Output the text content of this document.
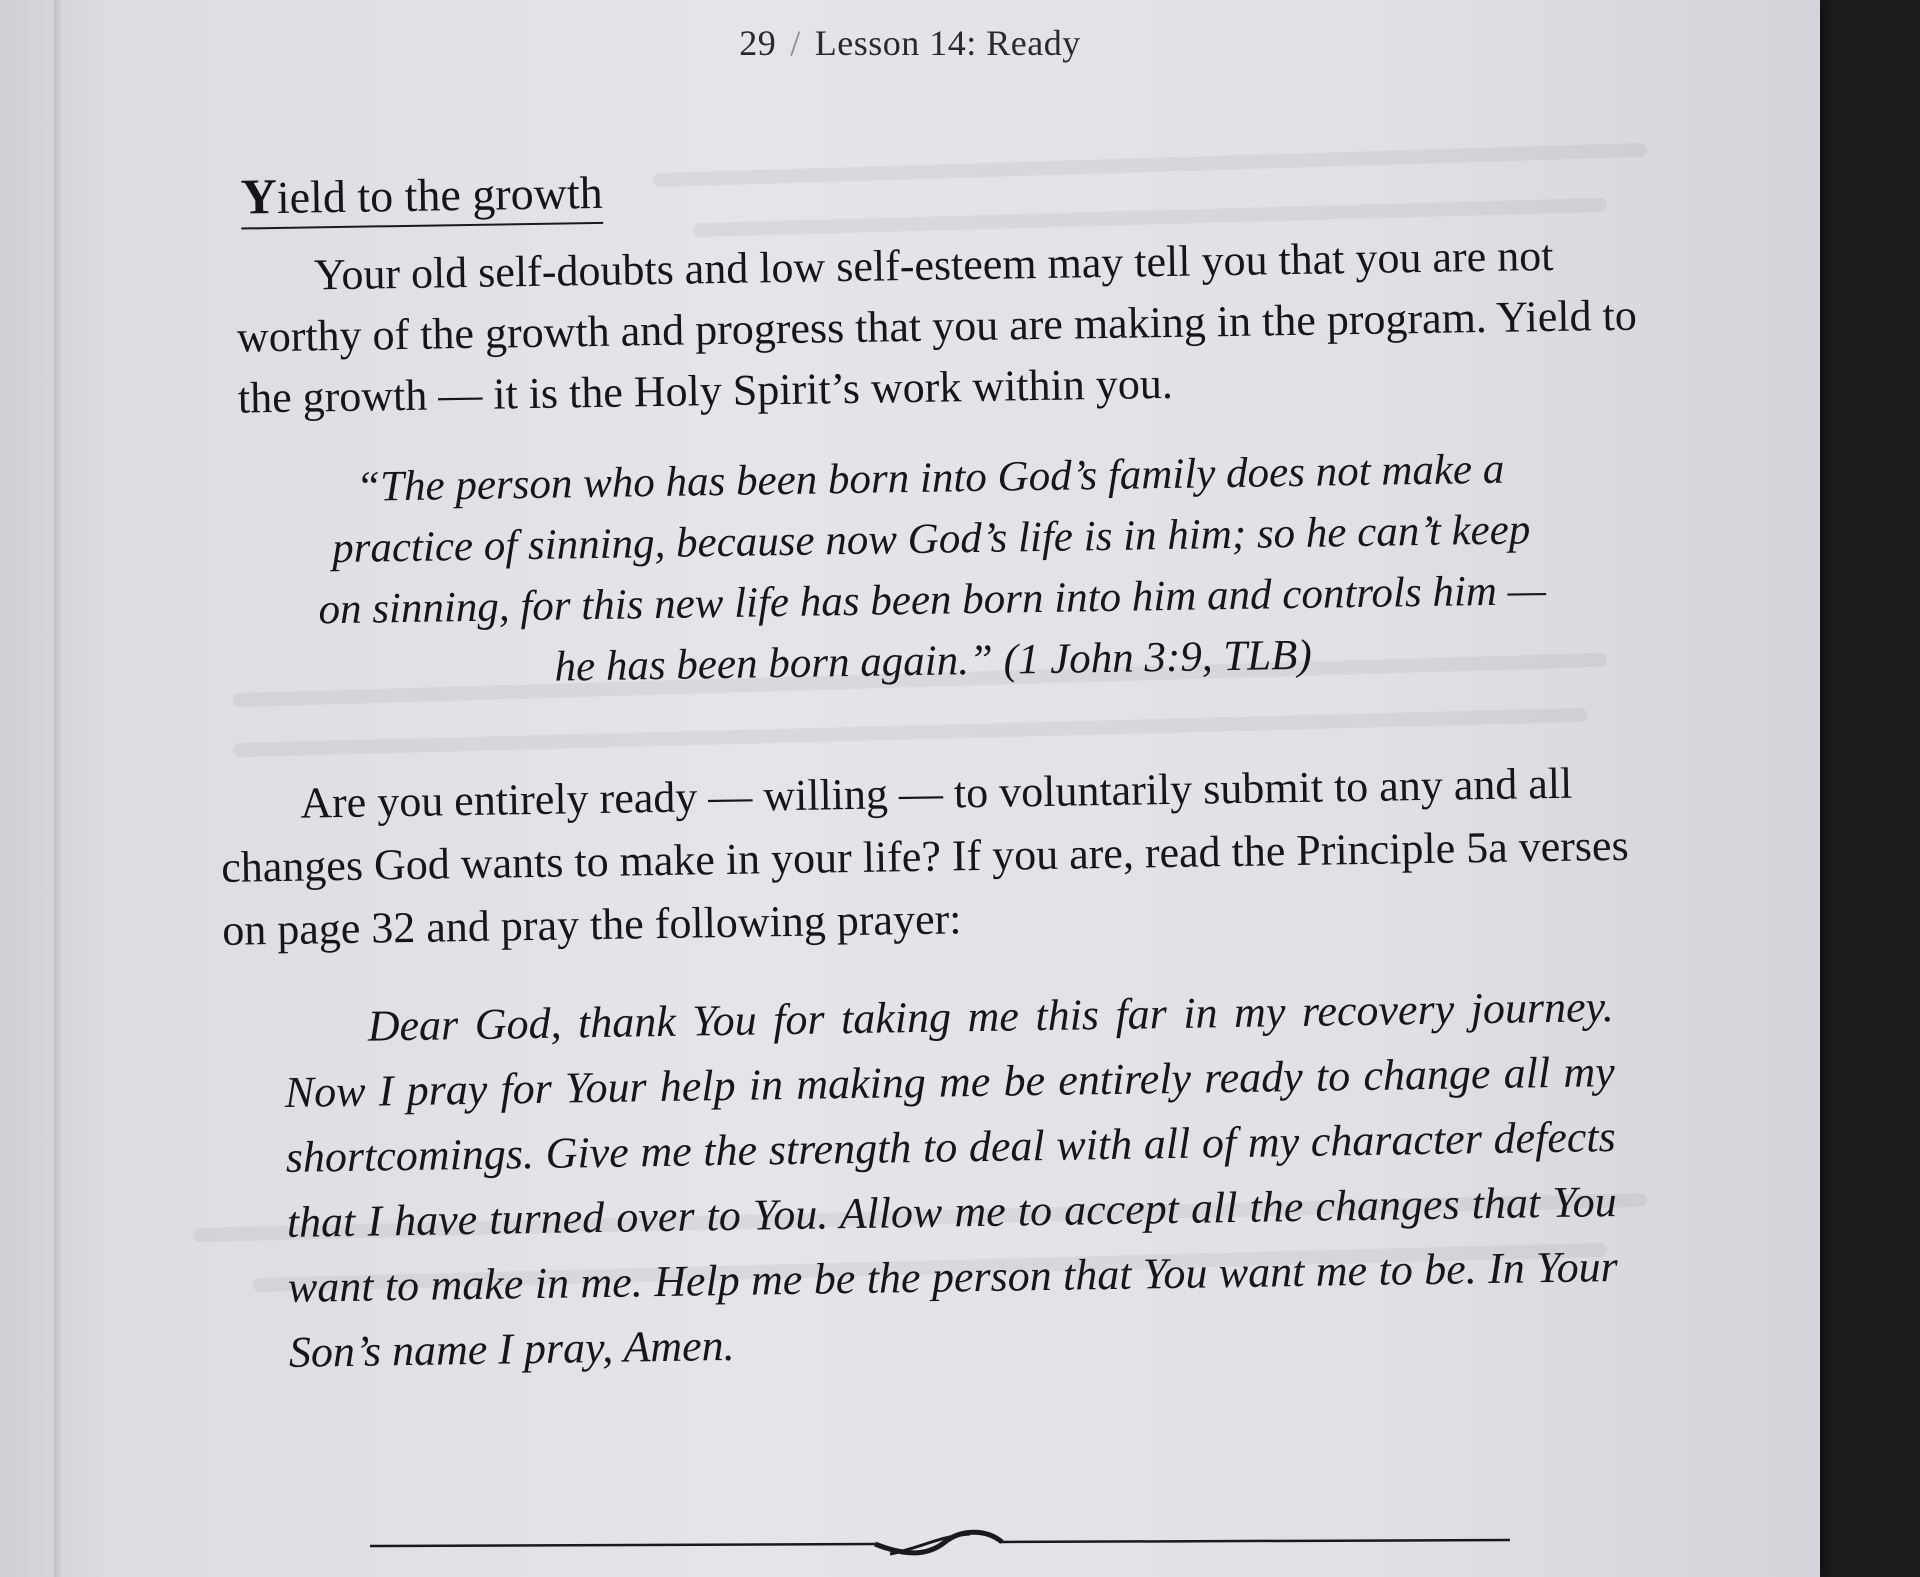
29 / Lesson 14: Ready
Yield to the growth

Your old self-doubts and low self-esteem may tell you that you are not worthy of the growth and progress that you are making in the program. Yield to the growth — it is the Holy Spirit’s work within you.

“The person who has been born into God’s family does not make a practice of sinning, because now God’s life is in him; so he can’t keep on sinning, for this new life has been born into him and controls him — he has been born again.” (1 John 3:9, TLB)

Are you entirely ready — willing — to voluntarily submit to any and all changes God wants to make in your life? If you are, read the Principle 5a verses on page 32 and pray the following prayer:

Dear God, thank You for taking me this far in my recovery journey. Now I pray for Your help in making me be entirely ready to change all my shortcomings. Give me the strength to deal with all of my character defects that I have turned over to You. Allow me to accept all the changes that You want to make in me. Help me be the person that You want me to be. In Your Son’s name I pray, Amen.
